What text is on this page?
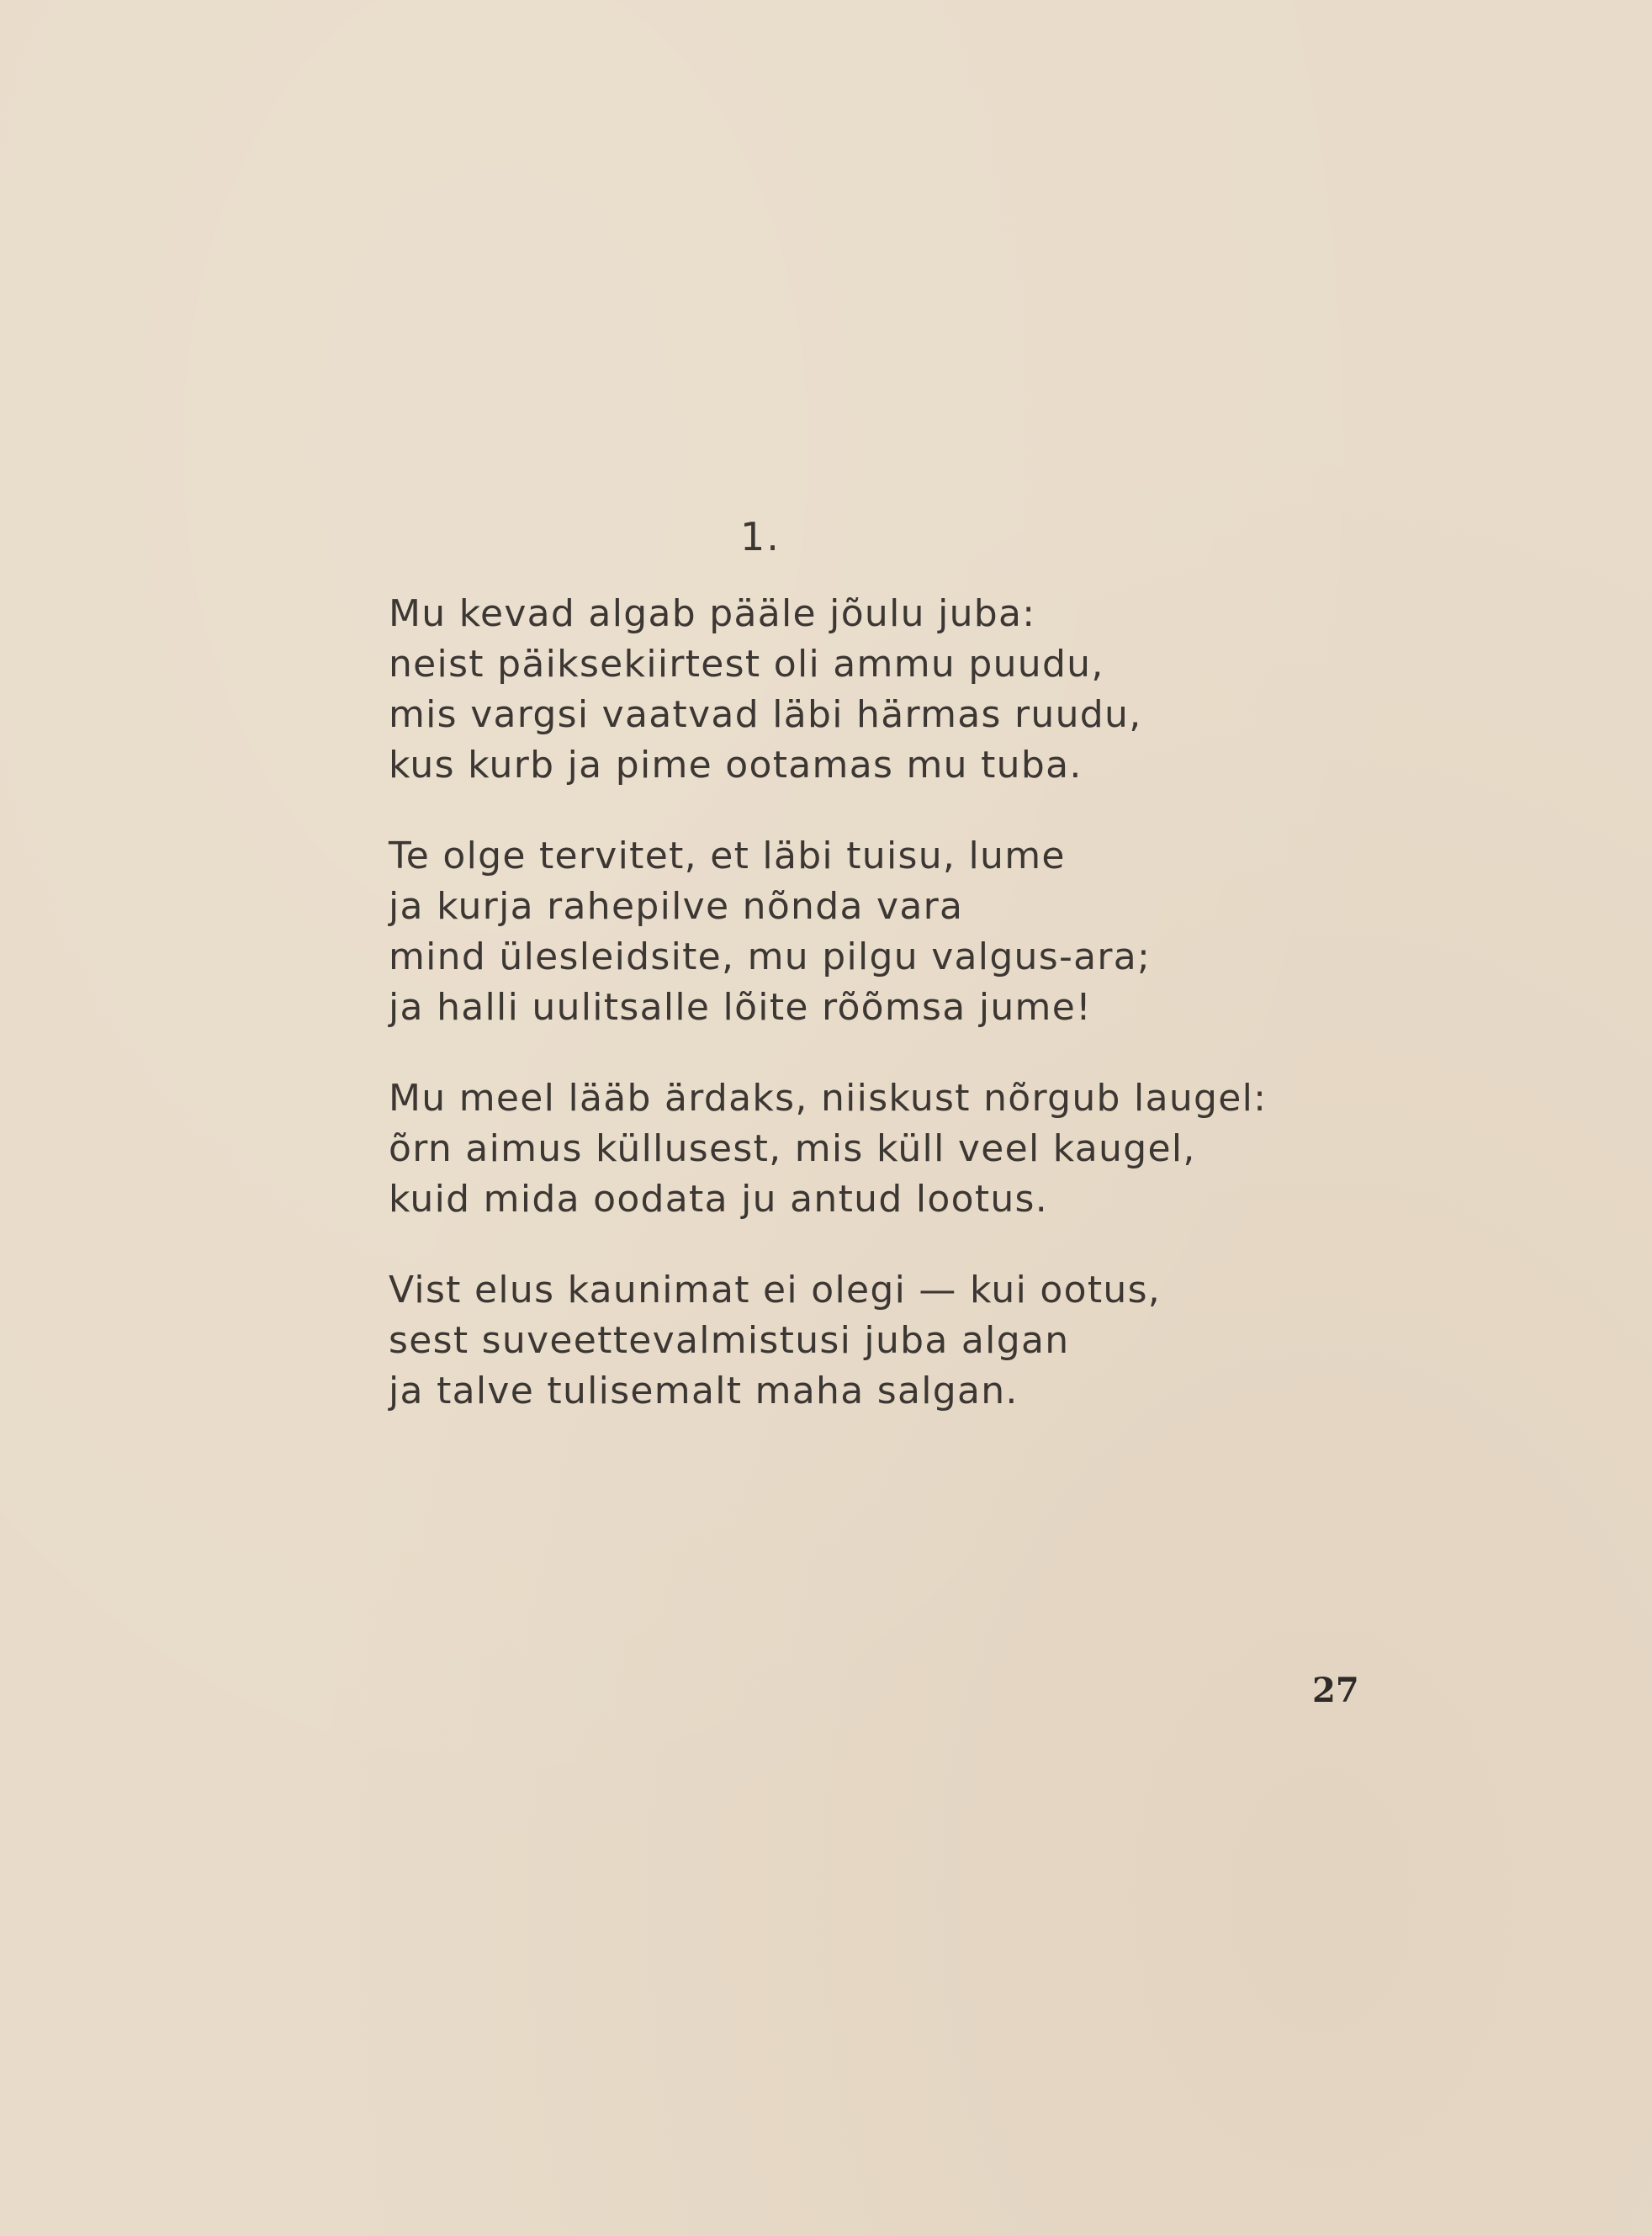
1.
Mu kevad algab pääle jõulu juba:
neist päiksekiirtest oli ammu puudu,
mis vargsi vaatvad läbi härmas ruudu,
kus kurb ja pime ootamas mu tuba.
Te olge tervitet, et läbi tuisu, lume
ja kurja rahepilve nõnda vara
mind ülesleidsite, mu pilgu valgus-ara;
ja halli uulitsalle lõite rõõmsa jume!
Mu meel lääb ärdaks, niiskust nõrgub laugel:
õrn aimus küllusest, mis küll veel kaugel,
kuid mida oodata ju antud lootus.
Vist elus kaunimat ei olegi — kui ootus,
sest suveettevalmistusi juba algan
ja talve tulisemalt maha salgan.
27
